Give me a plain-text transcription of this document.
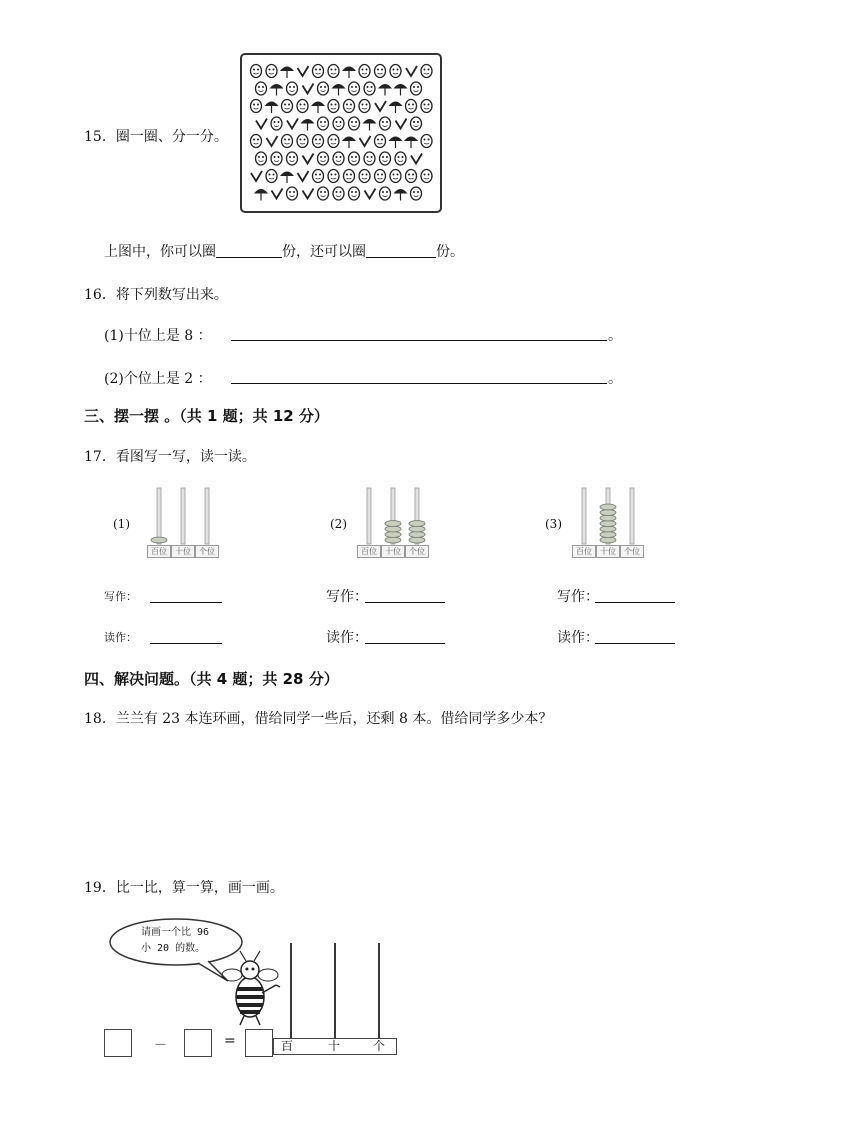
15．圈一圈、分一分。
上图中，你可以圈	份，还可以圈	份。
16．将下列数写出来。
(1)十位上是 8 ：	。
(2)个位上是 2 ：	。
三、摆一摆 。（共 1 题；共 12 分）
17．看图写一写，读一读。
(1)	(2)	(3)
百位	十位	个位	百位	十位	个位	百位	十位	个位
写作：	写作：	写作：
读作：	读作：	读作：
四、解决问题。（共 4 题；共 28 分）
18．兰兰有 23 本连环画，借给同学一些后，还剩 8 本。借给同学多少本？
19．比一比，算一算，画一画。
请画一个比 96
小 20 的数。
－	=	百	十	个
